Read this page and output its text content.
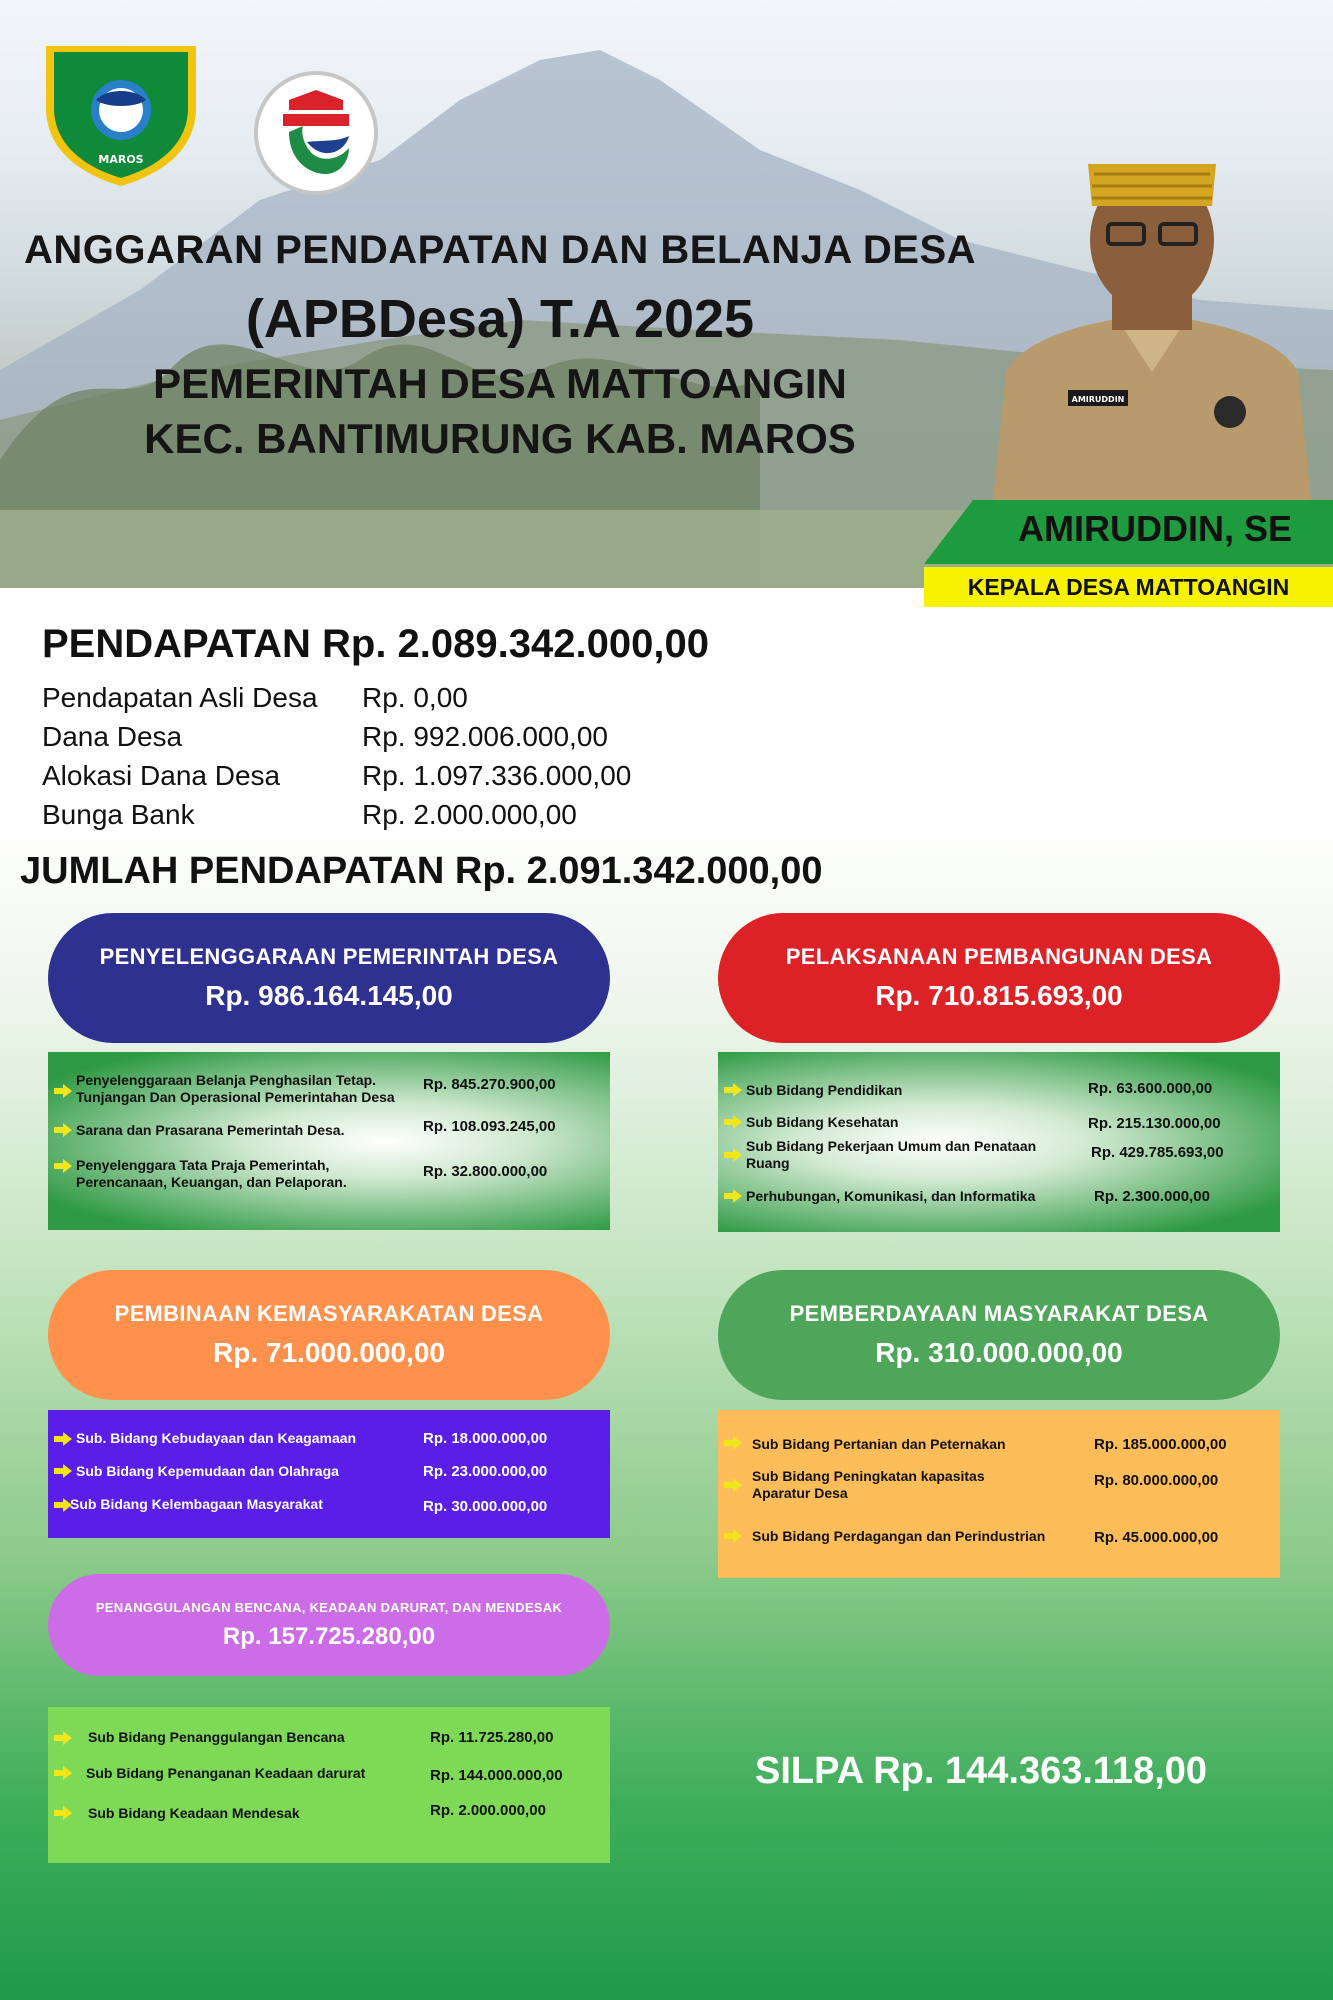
MAROS
ANGGARAN PENDAPATAN DAN BELANJA DESA
(APBDesa) T.A 2025
PEMERINTAH DESA MATTOANGIN
KEC. BANTIMURUNG KAB. MAROS
AMIRUDDIN
AMIRUDDIN, SE
KEPALA DESA MATTOANGIN
PENDAPATAN Rp. 2.089.342.000,00
Pendapatan Asli Desa Rp. 0,00
Dana Desa	Rp. 992.006.000,00
Alokasi Dana Desa	Rp. 1.097.336.000,00
Bunga Bank	Rp. 2.000.000,00
JUMLAH PENDAPATAN Rp. 2.091.342.000,00
PENYELENGGARAAN PEMERINTAH DESA
Rp. 986.164.145,00
Penyelenggaraan Belanja Penghasilan Tetap. Tunjangan Dan Operasional Pemerintahan Desa
Rp. 845.270.900,00
Sarana dan Prasarana Pemerintah Desa.	Rp. 108.093.245,00
Penyelenggara Tata Praja Pemerintah, Perencanaan, Keuangan, dan Pelaporan.
Rp. 32.800.000,00
PELAKSANAAN PEMBANGUNAN DESA
Rp. 710.815.693,00
Sub Bidang Pendidikan	Rp. 63.600.000,00
Sub Bidang Kesehatan	Rp. 215.130.000,00
Sub Bidang Pekerjaan Umum dan Penataan Ruang
Rp. 429.785.693,00
Perhubungan, Komunikasi, dan Informatika	Rp. 2.300.000,00
PEMBINAAN KEMASYARAKATAN DESA
Rp. 71.000.000,00
Sub. Bidang Kebudayaan dan Keagamaan	Rp. 18.000.000,00
Sub Bidang Kepemudaan dan Olahraga	Rp. 23.000.000,00
Sub Bidang Kelembagaan Masyarakat	Rp. 30.000.000,00
PEMBERDAYAAN MASYARAKAT DESA
Rp. 310.000.000,00
Sub Bidang Pertanian dan Peternakan	Rp. 185.000.000,00
Sub Bidang Peningkatan kapasitas Aparatur Desa
Rp. 80.000.000,00
Sub Bidang Perdagangan dan Perindustrian	Rp. 45.000.000,00
PENANGGULANGAN BENCANA, KEADAAN DARURAT, DAN MENDESAK
Rp. 157.725.280,00
Sub Bidang Penanggulangan Bencana	Rp. 11.725.280,00
Sub Bidang Penanganan Keadaan darurat	Rp. 144.000.000,00
Sub Bidang Keadaan Mendesak	Rp. 2.000.000,00
SILPA Rp. 144.363.118,00
